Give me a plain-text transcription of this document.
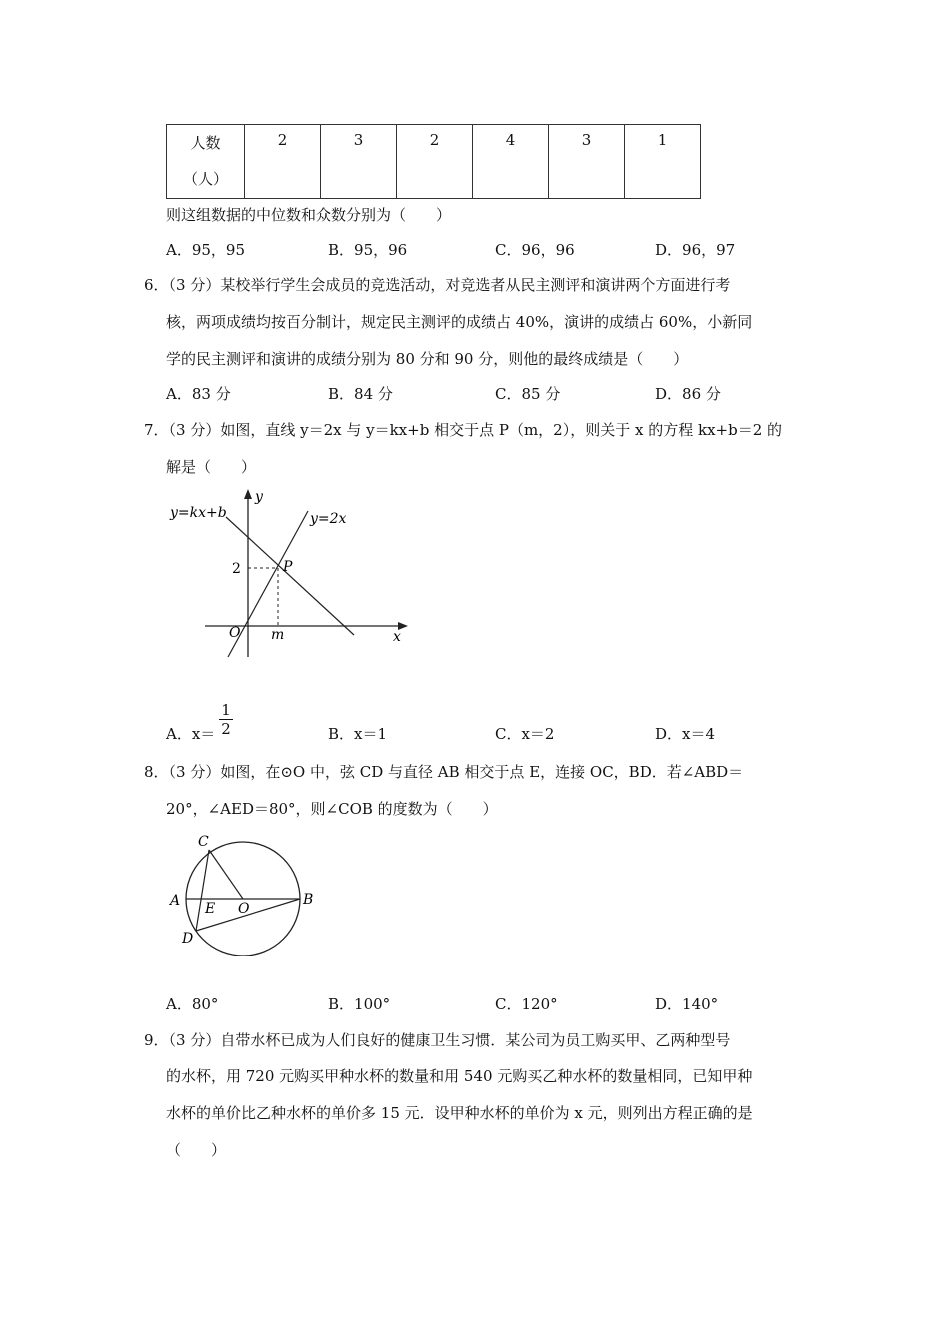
人数
（人）
	2	3	2	4	3	1
则这组数据的中位数和众数分别为（　　）
A．95，95	B．95，96	C．96，96	D．96，97
6．（3 分）某校举行学生会成员的竞选活动，对竞选者从民主测评和演讲两个方面进行考
核，两项成绩均按百分制计，规定民主测评的成绩占 40%，演讲的成绩占 60%，小新同
学的民主测评和演讲的成绩分别为 80 分和 90 分，则他的最终成绩是（　　）
A．83 分	B．84 分	C．85 分	D．86 分
7．（3 分）如图，直线 y＝2x 与 y＝kx+b 相交于点 P（m，2），则关于 x 的方程 kx+b＝2 的
解是（　　）
y=kx+b
y
y=2x
2	P
O m	x
A．x＝
1
2	B．x＝1	C．x＝2	D．x＝4
8．（3 分）如图，在⊙O 中，弦 CD 与直径 AB 相交于点 E，连接 OC，BD．若∠ABD＝
20°，∠AED＝80°，则∠COB 的度数为（　　）
C
A E O
B
D
A．80°	B．100°	C．120°	D．140°
9．（3 分）自带水杯已成为人们良好的健康卫生习惯．某公司为员工购买甲、乙两种型号
的水杯，用 720 元购买甲种水杯的数量和用 540 元购买乙种水杯的数量相同，已知甲种
水杯的单价比乙种水杯的单价多 15 元．设甲种水杯的单价为 x 元，则列出方程正确的是
（　　）
